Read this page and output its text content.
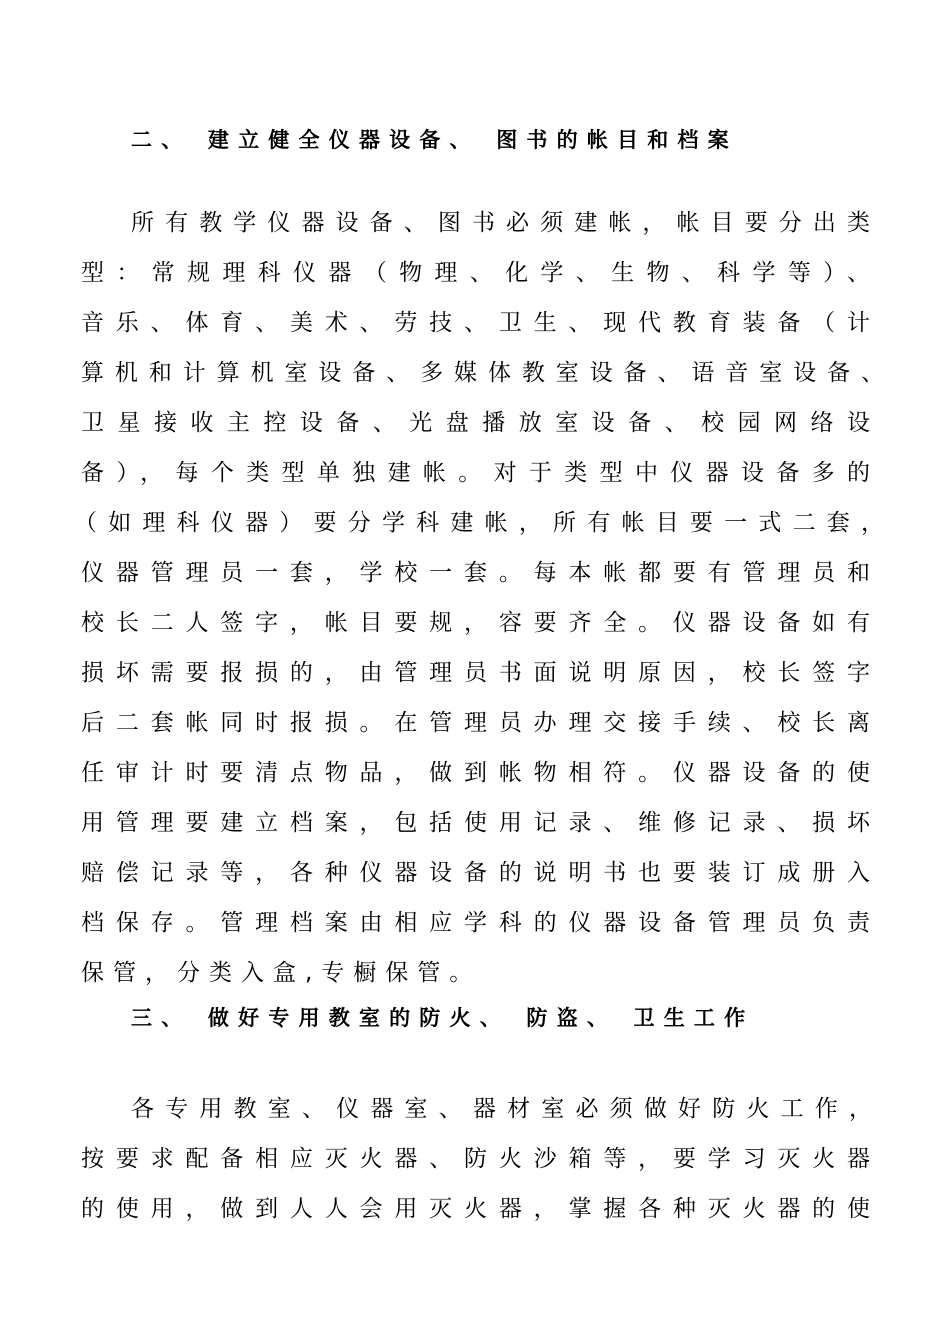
二、 建立健全仪器设备、 图书的帐目和档案
所有教学仪器设备、图书必须建帐，帐目要分出类
型：常规理科仪器（物理、化学、生物、科学等）、
音乐、体育、美术、劳技、卫生、现代教育装备（计
算机和计算机室设备、多媒体教室设备、语音室设备、
卫星接收主控设备、光盘播放室设备、校园网络设
备），每个类型单独建帐。对于类型中仪器设备多的
（如理科仪器）要分学科建帐，所有帐目要一式二套，
仪器管理员一套，学校一套。每本帐都要有管理员和
校长二人签字，帐目要规，容要齐全。仪器设备如有
损坏需要报损的，由管理员书面说明原因，校长签字
后二套帐同时报损。在管理员办理交接手续、校长离
任审计时要清点物品，做到帐物相符。仪器设备的使
用管理要建立档案，包括使用记录、维修记录、损坏
赔偿记录等，各种仪器设备的说明书也要装订成册入
档保存。管理档案由相应学科的仪器设备管理员负责
保管，分类入盒,专橱保管。
三、 做好专用教室的防火、 防盗、 卫生工作
各专用教室、仪器室、器材室必须做好防火工作，
按要求配备相应灭火器、防火沙箱等，要学习灭火器
的使用，做到人人会用灭火器，掌握各种灭火器的使
